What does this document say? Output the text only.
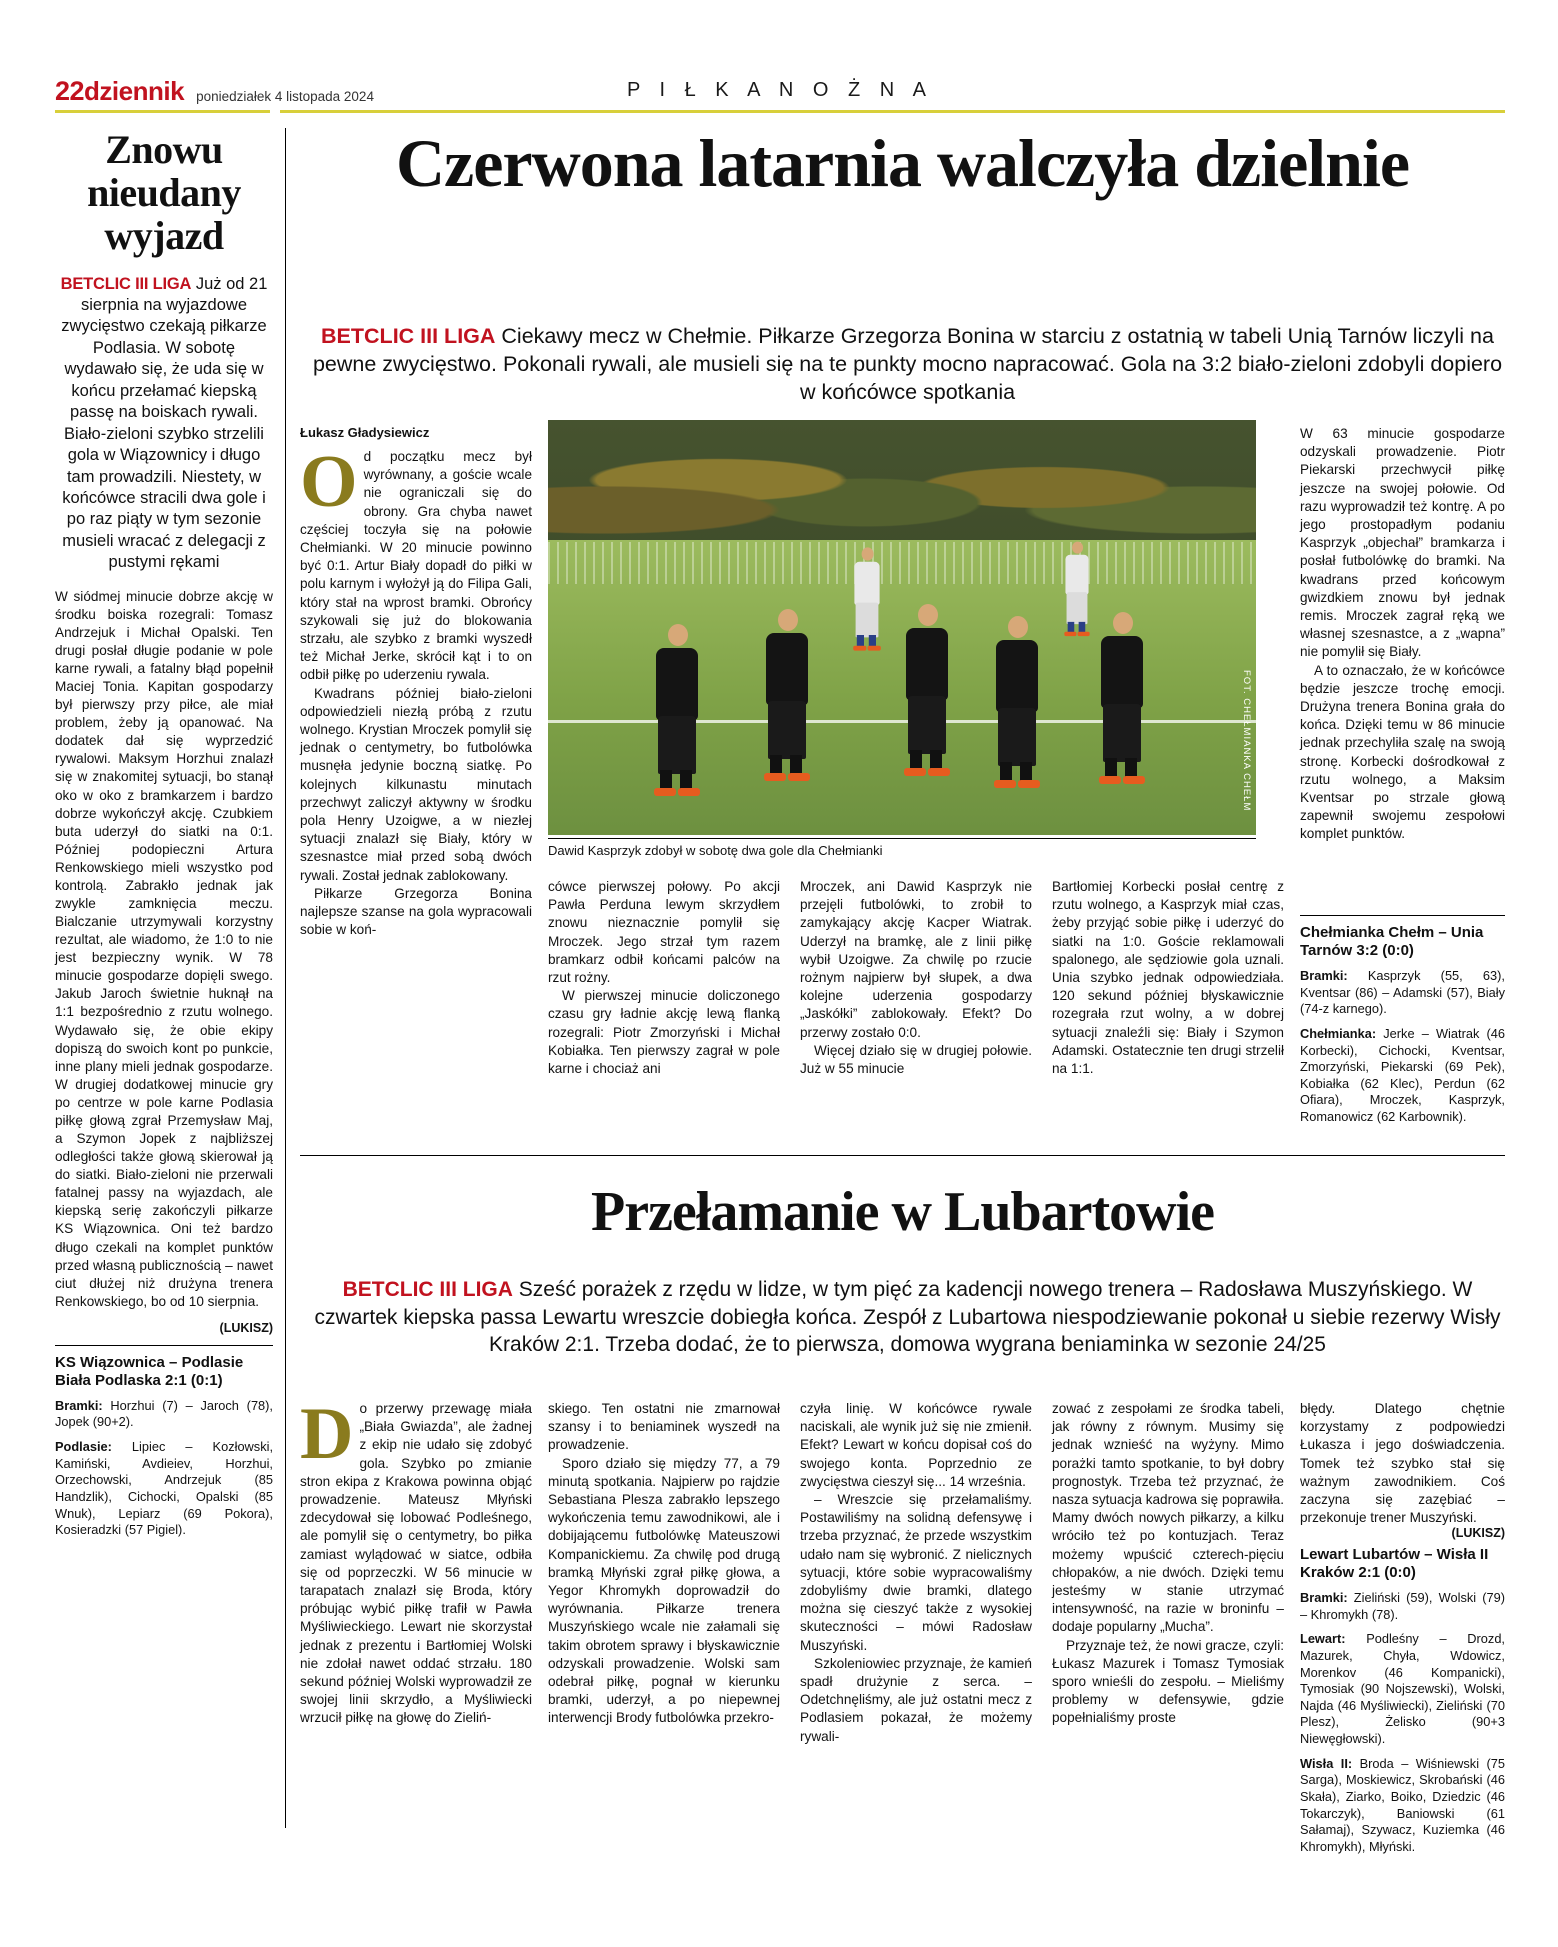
22dziennik poniedziałek 4 listopada 2024	P I Ł K A N O Ż N A
Znowu nieudany wyjazd

BETCLIC III LIGA Już od 21 sierpnia na wyjazdowe zwycięstwo czekają piłkarze Podlasia. W sobotę wydawało się, że uda się w końcu przełamać kiepską passę na boiskach rywali. Biało-zieloni szybko strzelili gola w Wiązownicy i długo tam prowadzili. Niestety, w końcówce stracili dwa gole i po raz piąty w tym sezonie musieli wracać z delegacji z pustymi rękami

W siódmej minucie dobrze akcję w środku boiska rozegrali: Tomasz Andrzejuk i Michał Opalski. Ten drugi posłał długie podanie w pole karne rywali, a fatalny błąd popełnił Maciej Tonia. Kapitan gospodarzy był pierwszy przy piłce, ale miał problem, żeby ją opanować. Na dodatek dał się wyprzedzić rywalowi. Maksym Horzhui znalazł się w znakomitej sytuacji, bo stanął oko w oko z bramkarzem i bardzo dobrze wykończył akcję. Czubkiem buta uderzył do siatki na 0:1. Później podopieczni Artura Renkowskiego mieli wszystko pod kontrolą. Zabrakło jednak jak zwykle zamknięcia meczu. Bialczanie utrzymywali korzystny rezultat, ale wiadomo, że 1:0 to nie jest bezpieczny wynik. W 78 minucie gospodarze dopięli swego. Jakub Jaroch świetnie huknął na 1:1 bezpośrednio z rzutu wolnego. Wydawało się, że obie ekipy dopiszą do swoich kont po punkcie, inne plany mieli jednak gospodarze. W drugiej dodatkowej minucie gry po centrze w pole karne Podlasia piłkę głową zgrał Przemysław Maj, a Szymon Jopek z najbliższej odległości także głową skierował ją do siatki. Biało-zieloni nie przerwali fatalnej passy na wyjazdach, ale kiepską serię zakończyli piłkarze KS Wiązownica. Oni też bardzo długo czekali na komplet punktów przed własną publicznością – nawet ciut dłużej niż drużyna trenera Renkowskiego, bo od 10 sierpnia.

(LUKISZ)
KS Wiązownica – Podlasie Biała Podlaska 2:1 (0:1)
Bramki: Horzhui (7) – Jaroch (78), Jopek (90+2).
Podlasie: Lipiec – Kozłowski, Kamiński, Avdieiev, Horzhui, Orzechowski, Andrzejuk (85 Handzlik), Cichocki, Opalski (85 Wnuk), Lepiarz (69 Pokora), Kosieradzki (57 Pigiel).
Czerwona latarnia walczyła dzielnie

BETCLIC III LIGA Ciekawy mecz w Chełmie. Piłkarze Grzegorza Bonina w starciu z ostatnią w tabeli Unią Tarnów liczyli na pewne zwycięstwo. Pokonali rywali, ale musieli się na te punkty mocno napracować. Gola na 3:2 biało-zieloni zdobyli dopiero w końcówce spotkania

Łukasz Gładysiewicz
FOT. CHEŁMIANKA CHEŁM
Dawid Kasprzyk zdobył w sobotę dwa gole dla Chełmianki

Od początku mecz był wyrównany, a goście wcale nie ograniczali się do obrony. Gra chyba nawet częściej toczyła się na połowie Chełmianki. W 20 minucie powinno być 0:1. Artur Biały dopadł do piłki w polu karnym i wyłożył ją do Filipa Gali, który stał na wprost bramki. Obrońcy szykowali się już do blokowania strzału, ale szybko z bramki wyszedł też Michał Jerke, skrócił kąt i to on odbił piłkę po uderzeniu rywala.

Kwadrans później biało-zieloni odpowiedzieli niezłą próbą z rzutu wolnego. Krystian Mroczek pomylił się jednak o centymetry, bo futbolówka musnęła jedynie boczną siatkę. Po kolejnych kilkunastu minutach przechwyt zaliczył aktywny w środku pola Henry Uzoigwe, a w niezłej sytuacji znalazł się Biały, który w szesnastce miał przed sobą dwóch rywali. Został jednak zablokowany.

Piłkarze Grzegorza Bonina najlepsze szanse na gola wypracowali sobie w koń-

cówce pierwszej połowy. Po akcji Pawła Perduna lewym skrzydłem znowu nieznacznie pomylił się Mroczek. Jego strzał tym razem bramkarz odbił końcami palców na rzut rożny.

W pierwszej minucie doliczonego czasu gry ładnie akcję lewą flanką rozegrali: Piotr Zmorzyński i Michał Kobiałka. Ten pierwszy zagrał w pole karne i chociaż ani

Mroczek, ani Dawid Kasprzyk nie przejęli futbolówki, to zrobił to zamykający akcję Kacper Wiatrak. Uderzył na bramkę, ale z linii piłkę wybił Uzoigwe. Za chwilę po rzucie rożnym najpierw był słupek, a dwa kolejne uderzenia gospodarzy „Jaskółki” zablokowały. Efekt? Do przerwy zostało 0:0.

Więcej działo się w drugiej połowie. Już w 55 minucie

Bartłomiej Korbecki posłał centrę z rzutu wolnego, a Kasprzyk miał czas, żeby przyjąć sobie piłkę i uderzyć do siatki na 1:0. Goście reklamowali spalonego, ale sędziowie gola uznali. Unia szybko jednak odpowiedziała. 120 sekund później błyskawicznie rozegrała rzut wolny, a w dobrej sytuacji znaleźli się: Biały i Szymon Adamski. Ostatecznie ten drugi strzelił na 1:1.

W 63 minucie gospodarze odzyskali prowadzenie. Piotr Piekarski przechwycił piłkę jeszcze na swojej połowie. Od razu wyprowadził też kontrę. A po jego prostopadłym podaniu Kasprzyk „objechał” bramkarza i posłał futbolówkę do bramki. Na kwadrans przed końcowym gwizdkiem znowu był jednak remis. Mroczek zagrał ręką we własnej szesnastce, a z „wapna” nie pomylił się Biały.

A to oznaczało, że w końcówce będzie jeszcze trochę emocji. Drużyna trenera Bonina grała do końca. Dzięki temu w 86 minucie jednak przechyliła szalę na swoją stronę. Korbecki dośrodkował z rzutu wolnego, a Maksim Kventsar po strzale głową zapewnił swojemu zespołowi komplet punktów.

Chełmianka Chełm – Unia Tarnów 3:2 (0:0)
Bramki: Kasprzyk (55, 63), Kventsar (86) – Adamski (57), Biały (74-z karnego).
Chełmianka: Jerke – Wiatrak (46 Korbecki), Cichocki, Kventsar, Zmorzyński, Piekarski (69 Pek), Kobiałka (62 Klec), Perdun (62 Ofiara), Mroczek, Kasprzyk, Romanowicz (62 Karbownik).
Przełamanie w Lubartowie

BETCLIC III LIGA Sześć porażek z rzędu w lidze, w tym pięć za kadencji nowego trenera – Radosława Muszyńskiego. W czwartek kiepska passa Lewartu wreszcie dobiegła końca. Zespół z Lubartowa niespodziewanie pokonał u siebie rezerwy Wisły Kraków 2:1. Trzeba dodać, że to pierwsza, domowa wygrana beniaminka w sezonie 24/25

Do przerwy przewagę miała „Biała Gwiazda”, ale żadnej z ekip nie udało się zdobyć gola. Szybko po zmianie stron ekipa z Krakowa powinna objąć prowadzenie. Mateusz Młyński zdecydował się lobować Podleśnego, ale pomylił się o centymetry, bo piłka zamiast wylądować w siatce, odbiła się od poprzeczki. W 56 minucie w tarapatach znalazł się Broda, który próbując wybić piłkę trafił w Pawła Myśliwieckiego. Lewart nie skorzystał jednak z prezentu i Bartłomiej Wolski nie zdołał nawet oddać strzału. 180 sekund później Wolski wyprowadził ze swojej linii skrzydło, a Myśliwiecki wrzucił piłkę na głowę do Zieliń-

skiego. Ten ostatni nie zmarnował szansy i to beniaminek wyszedł na prowadzenie.

Sporo działo się między 77, a 79 minutą spotkania. Najpierw po rajdzie Sebastiana Plesza zabrakło lepszego wykończenia temu zawodnikowi, ale i dobijającemu futbolówkę Mateuszowi Kompanickiemu. Za chwilę pod drugą bramką Młyński zgrał piłkę głowa, a Yegor Khromykh doprowadził do wyrównania. Piłkarze trenera Muszyńskiego wcale nie załamali się takim obrotem sprawy i błyskawicznie odzyskali prowadzenie. Wolski sam odebrał piłkę, pognał w kierunku bramki, uderzył, a po niepewnej interwencji Brody futbolówka przekro-

czyła linię. W końcówce rywale naciskali, ale wynik już się nie zmienił. Efekt? Lewart w końcu dopisał coś do swojego konta. Poprzednio ze zwycięstwa cieszył się... 14 września.

– Wreszcie się przełamaliśmy. Postawiliśmy na solidną defensywę i trzeba przyznać, że przede wszystkim udało nam się wybronić. Z nielicznych sytuacji, które sobie wypracowaliśmy zdobyliśmy dwie bramki, dlatego można się cieszyć także z wysokiej skuteczności – mówi Radosław Muszyński.

Szkoleniowiec przyznaje, że kamień spadł drużynie z serca. – Odetchnęliśmy, ale już ostatni mecz z Podlasiem pokazał, że możemy rywali-

zować z zespołami ze środka tabeli, jak równy z równym. Musimy się jednak wznieść na wyżyny. Mimo porażki tamto spotkanie, to był dobry prognostyk. Trzeba też przyznać, że nasza sytuacja kadrowa się poprawiła. Mamy dwóch nowych piłkarzy, a kilku wróciło też po kontuzjach. Teraz możemy wpuścić czterech-pięciu chłopaków, a nie dwóch. Dzięki temu jesteśmy w stanie utrzymać intensywność, na razie w broninfu – dodaje popularny „Mucha”.

Przyznaje też, że nowi gracze, czyli: Łukasz Mazurek i Tomasz Tymosiak sporo wnieśli do zespołu. – Mieliśmy problemy w defensywie, gdzie popełnialiśmy proste

błędy. Dlatego chętnie korzystamy z podpowiedzi Łukasza i jego doświadczenia. Tomek też szybko stał się ważnym zawodnikiem. Coś zaczyna się zazębiać – przekonuje trener Muszyński.

(LUKISZ)
Lewart Lubartów – Wisła II Kraków 2:1 (0:0)
Bramki: Zieliński (59), Wolski (79) – Khromykh (78).
Lewart: Podleśny – Drozd, Mazurek, Chyła, Wdowicz, Morenkov (46 Kompanicki), Tymosiak (90 Nojszewski), Wolski, Najda (46 Myśliwiecki), Zieliński (70 Plesz), Żelisko (90+3 Niewęgłowski).
Wisła II: Broda – Wiśniewski (75 Sarga), Moskiewicz, Skrobański (46 Skała), Ziarko, Boiko, Dziedzic (46 Tokarczyk), Baniowski (61 Sałamaj), Szywacz, Kuziemka (46 Khromykh), Młyński.
